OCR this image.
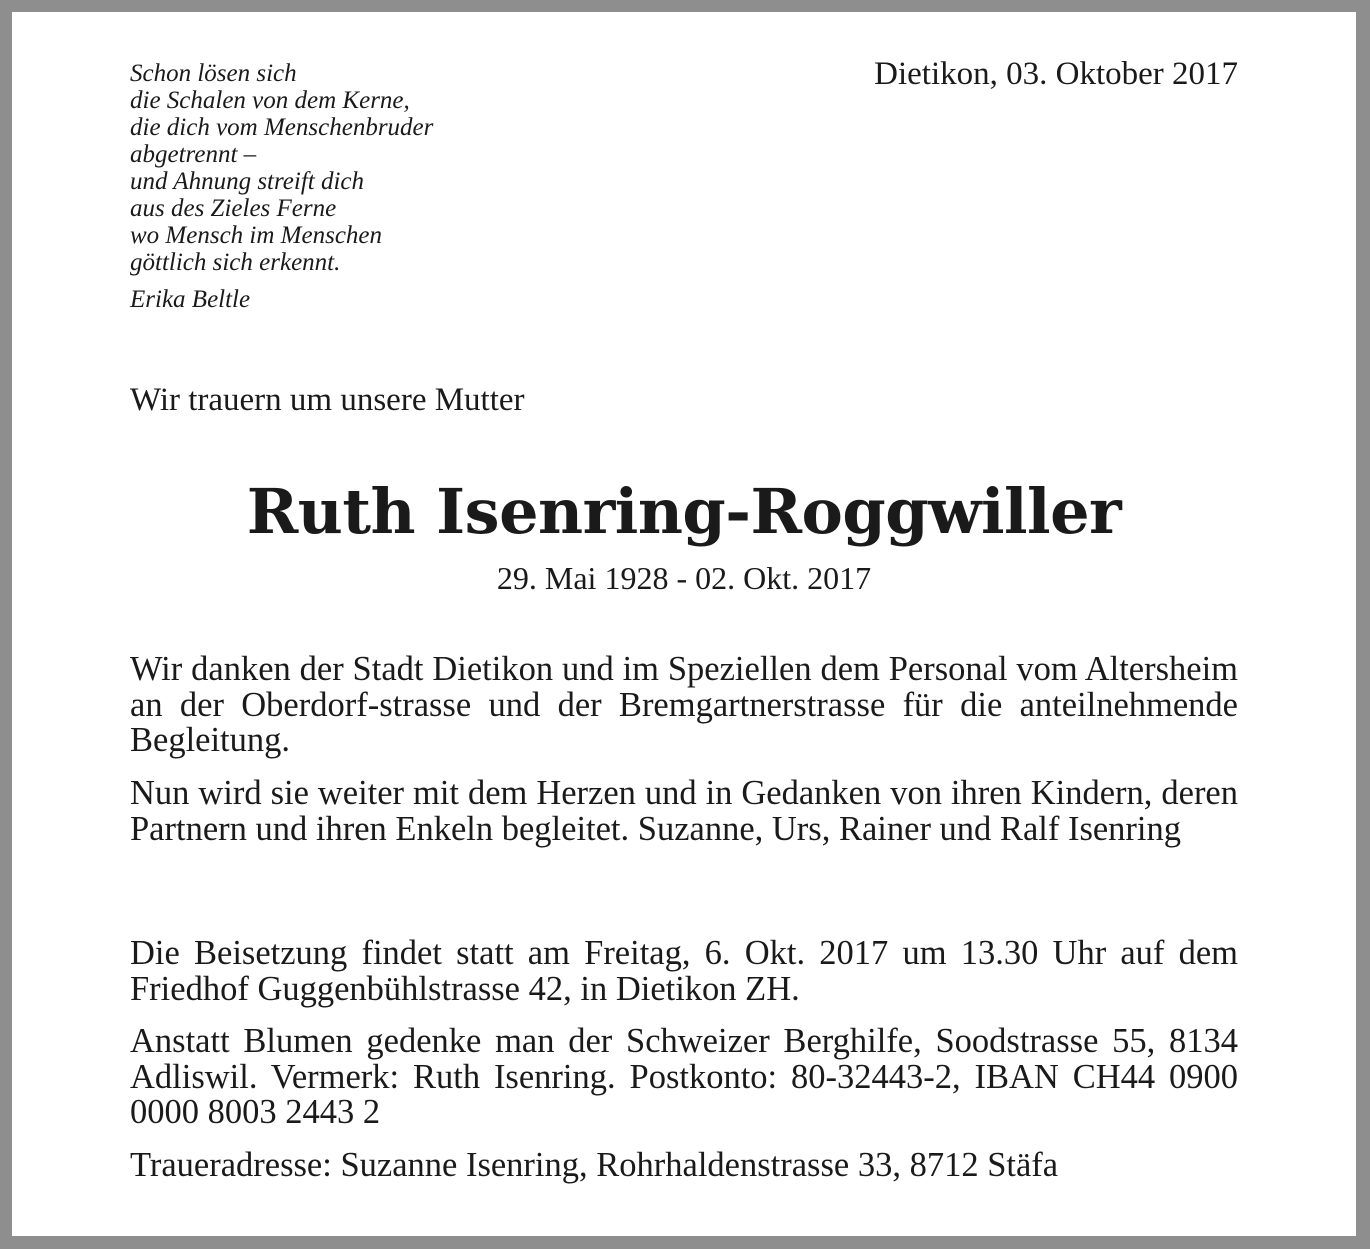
Schon lösen sich
die Schalen von dem Kerne,
die dich vom Menschenbruder
abgetrennt –
und Ahnung streift dich
aus des Zieles Ferne
wo Mensch im Menschen
göttlich sich erkennt.
Erika Beltle
Dietikon, 03. Oktober 2017
Wir trauern um unsere Mutter
Ruth Isenring-Roggwiller
29. Mai 1928 - 02. Okt. 2017

Wir danken der Stadt Dietikon und im Speziellen dem Personal vom Altersheim an der Oberdorf-strasse und der Bremgartnerstrasse für die anteilnehmende Begleitung.

Nun wird sie weiter mit dem Herzen und in Gedanken von ihren Kindern, deren Partnern und ihren Enkeln begleitet. Suzanne, Urs, Rainer und Ralf Isenring

Die Beisetzung findet statt am Freitag, 6. Okt. 2017 um 13.30 Uhr auf dem Friedhof Guggenbühlstrasse 42, in Dietikon ZH.

Anstatt Blumen gedenke man der Schweizer Berghilfe, Soodstrasse 55, 8134 Adliswil. Vermerk: Ruth Isenring. Postkonto: 80-32443-2, IBAN CH44 0900 0000 8003 2443 2

Traueradresse: Suzanne Isenring, Rohrhaldenstrasse 33, 8712 Stäfa
